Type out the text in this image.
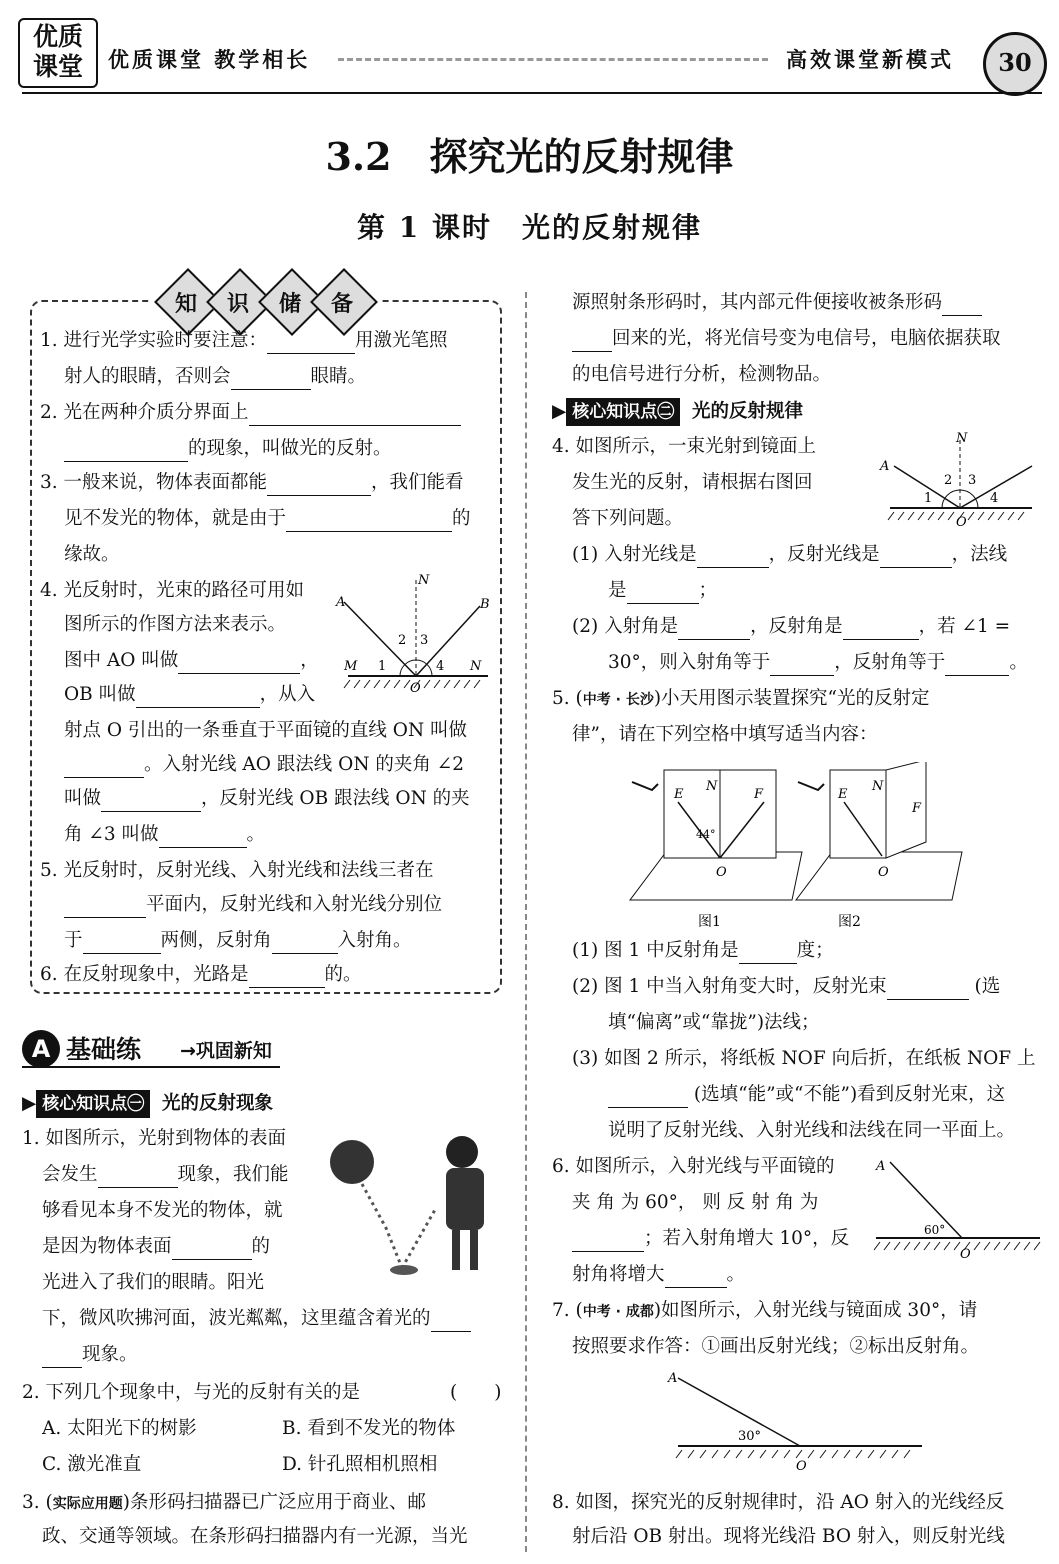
优质
课堂	优质课堂 教学相长	高效课堂新模式	30
3.2　探究光的反射规律
第 1 课时　光的反射规律
知	识	储	备
1. 进行光学实验时要注意：	用激光笔照
射人的眼睛，否则会	眼睛。
2. 光在两种介质分界面上
的现象，叫做光的反射。
3. 一般来说，物体表面都能	，我们能看
见不发光的物体，就是由于	的
缘故。
4. 光反射时，光束的路径可用如
图所示的作图方法来表示。
图中 AO 叫做	，
OB 叫做	，从入
射点 O 引出的一条垂直于平面镜的直线 ON 叫做
。入射光线 AO 跟法线 ON 的夹角 ∠2
叫做	，反射光线 OB 跟法线 ON 的夹
角 ∠3 叫做	。
5. 光反射时，反射光线、入射光线和法线三者在
平面内，反射光线和入射光线分别位
于	两侧，反射角	入射角。
6. 在反射现象中，光路是	的。
A	B
N
M	N
O
1
2 3
4
A 基础练 →巩固新知
▶ 核心知识点㊀ 光的反射现象
1. 如图所示，光射到物体的表面
会发生	现象，我们能
够看见本身不发光的物体，就
是因为物体表面	的
光进入了我们的眼睛。阳光
下，微风吹拂河面，波光粼粼，这里蕴含着光的
现象。
2. 下列几个现象中，与光的反射有关的是	(　　)
A. 太阳光下的树影	B. 看到不发光的物体
C. 激光准直	D. 针孔照相机照相
3. (实际应用题)条形码扫描器已广泛应用于商业、邮
政、交通等领域。在条形码扫描器内有一光源，当光
源照射条形码时，其内部元件便接收被条形码
回来的光，将光信号变为电信号，电脑依据获取
的电信号进行分析，检测物品。
▶ 核心知识点㊁ 光的反射规律
4. 如图所示，一束光射到镜面上
发生光的反射，请根据右图回
答下列问题。
(1) 入射光线是	，反射光线是	，法线
是	；
(2) 入射角是	，反射角是	，若 ∠1 =
30°，则入射角等于	，反射角等于	。
A
N
O
1
2 3
4
5. (中考 · 长沙)小天用图示装置探究“光的反射定
律”，请在下列空格中填写适当内容：
E
N
F
44°
O
图1
E
N
F
O
图2
(1) 图 1 中反射角是	度；
(2) 图 1 中当入射角变大时，反射光束	(选
填“偏离”或“靠拢”)法线；
(3) 如图 2 所示，将纸板 NOF 向后折，在纸板 NOF 上
(选填“能”或“不能”)看到反射光束，这
说明了反射光线、入射光线和法线在同一平面上。
6. 如图所示，入射光线与平面镜的
夹 角 为 60°， 则 反 射 角 为
；若入射角增大 10°，反
射角将增大	。
A
60°
O
7. (中考 · 成都)如图所示，入射光线与镜面成 30°，请
按照要求作答：①画出反射光线；②标出反射角。
A
30°
O
8. 如图，探究光的反射规律时，沿 AO 射入的光线经反
射后沿 OB 射出。现将光线沿 BO 射入，则反射光线
